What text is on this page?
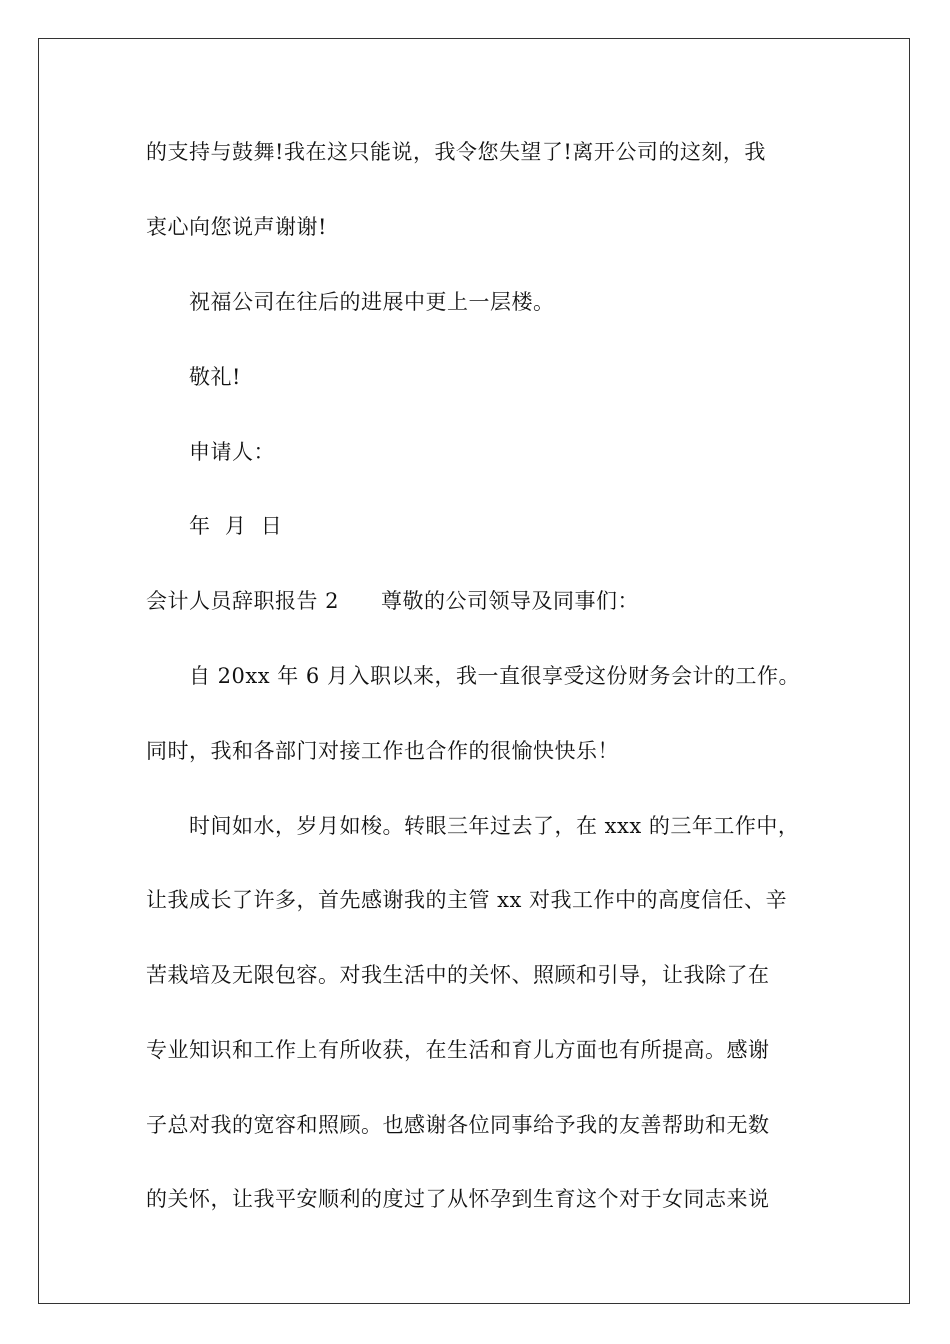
的支持与鼓舞!我在这只能说，我令您失望了!离开公司的这刻，我
衷心向您说声谢谢!
祝福公司在往后的进展中更上一层楼。
敬礼!
申请人：
年  月  日
会计人员辞职报告 2 尊敬的公司领导及同事们：
自 20xx 年 6 月入职以来，我一直很享受这份财务会计的工作。
同时，我和各部门对接工作也合作的很愉快快乐！
时间如水，岁月如梭。转眼三年过去了，在 xxx 的三年工作中，
让我成长了许多，首先感谢我的主管 xx 对我工作中的高度信任、辛
苦栽培及无限包容。对我生活中的关怀、照顾和引导，让我除了在
专业知识和工作上有所收获，在生活和育儿方面也有所提高。感谢
子总对我的宽容和照顾。也感谢各位同事给予我的友善帮助和无数
的关怀，让我平安顺利的度过了从怀孕到生育这个对于女同志来说
